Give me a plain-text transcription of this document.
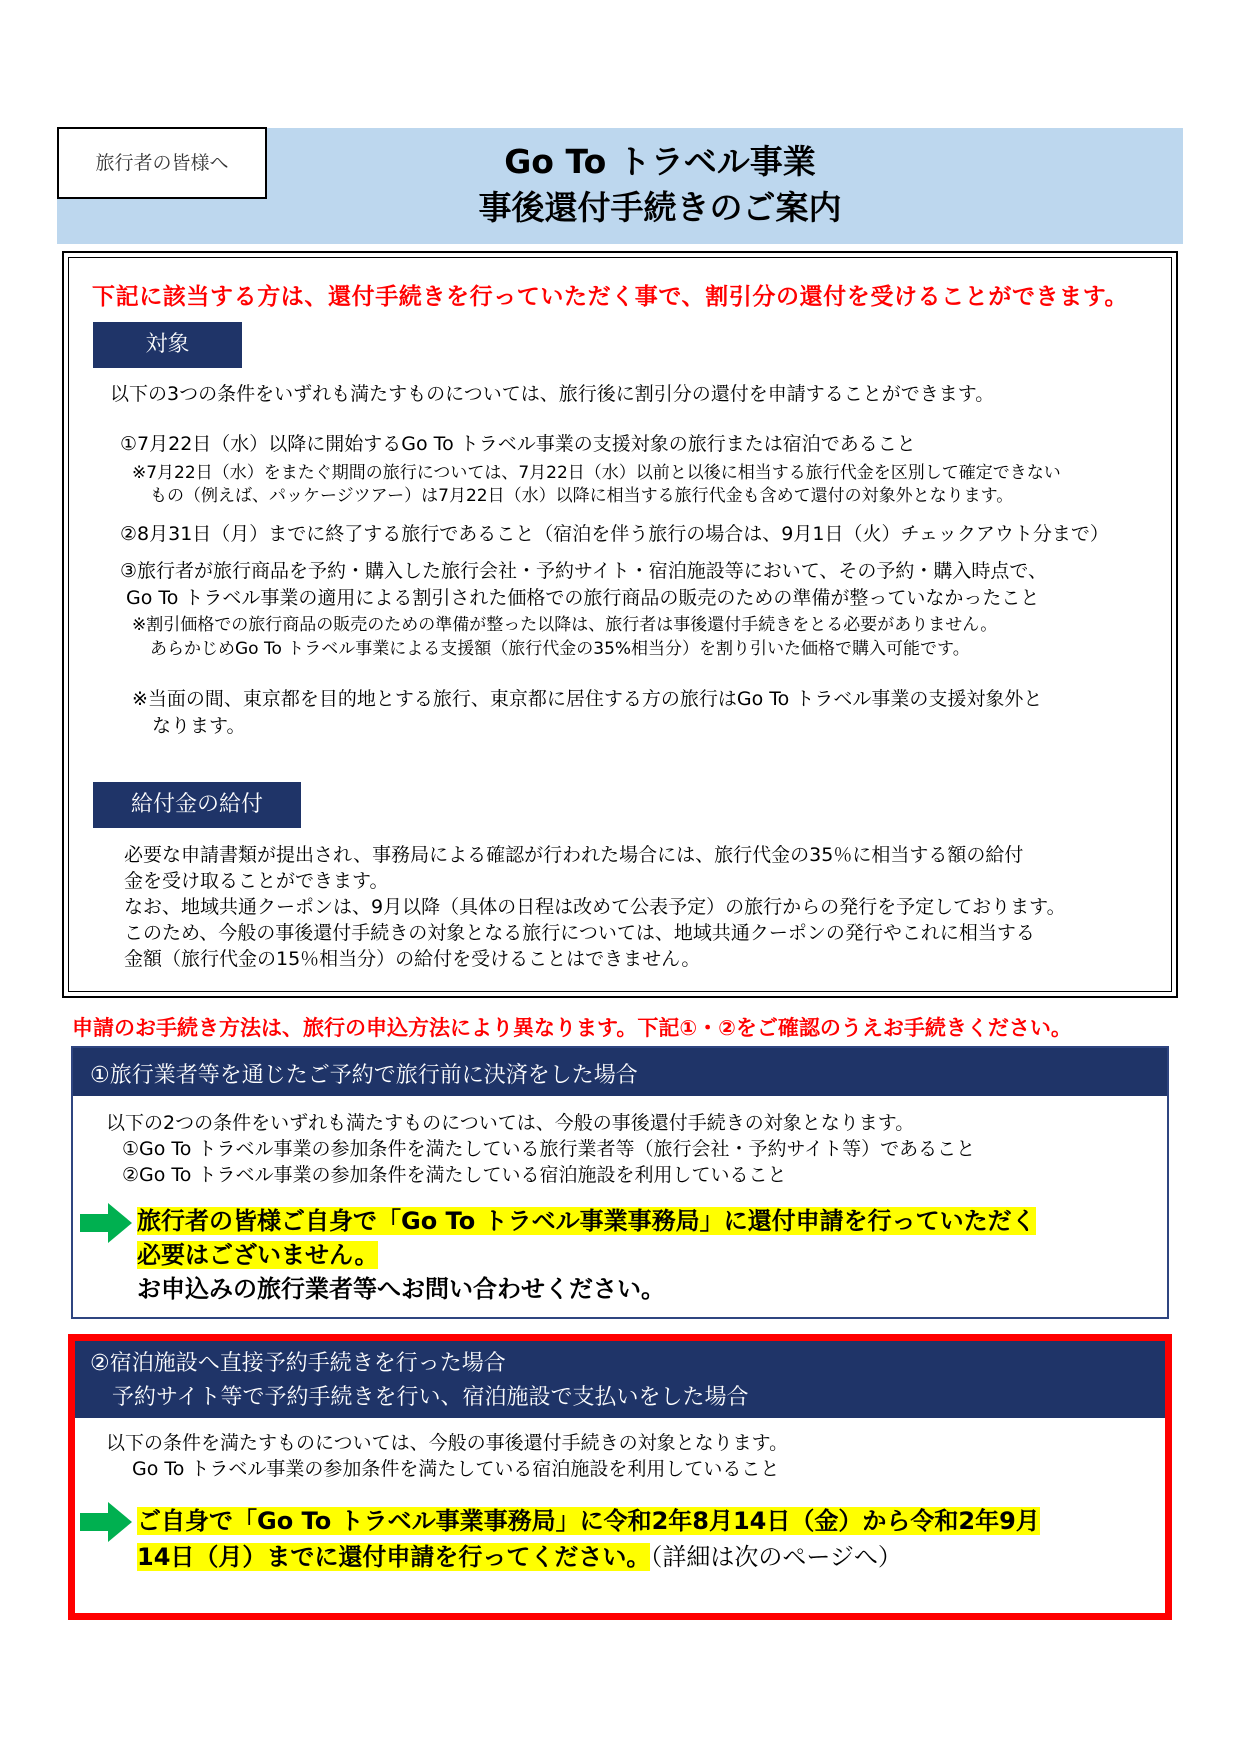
旅行者の皆様へ	Go To トラベル事業
事後還付手続きのご案内
下記に該当する方は、還付手続きを行っていただく事で、割引分の還付を受けることができます。
対象
以下の3つの条件をいずれも満たすものについては、旅行後に割引分の還付を申請することができます。
①7月22日（水）以降に開始するGo To トラベル事業の支援対象の旅行または宿泊であること
※7月22日（水）をまたぐ期間の旅行については、7月22日（水）以前と以後に相当する旅行代金を区別して確定できない
もの（例えば、パッケージツアー）は7月22日（水）以降に相当する旅行代金も含めて還付の対象外となります。
②8月31日（月）までに終了する旅行であること（宿泊を伴う旅行の場合は、9月1日（火）チェックアウト分まで）
③旅行者が旅行商品を予約・購入した旅行会社・予約サイト・宿泊施設等において、その予約・購入時点で、
Go To トラベル事業の適用による割引された価格での旅行商品の販売のための準備が整っていなかったこと
※割引価格での旅行商品の販売のための準備が整った以降は、旅行者は事後還付手続きをとる必要がありません。
あらかじめGo To トラベル事業による支援額（旅行代金の35%相当分）を割り引いた価格で購入可能です。
※当面の間、東京都を目的地とする旅行、東京都に居住する方の旅行はGo To トラベル事業の支援対象外と
なります。
給付金の給付
必要な申請書類が提出され、事務局による確認が行われた場合には、旅行代金の35％に相当する額の給付
金を受け取ることができます。
なお、地域共通クーポンは、9月以降（具体の日程は改めて公表予定）の旅行からの発行を予定しております。
このため、今般の事後還付手続きの対象となる旅行については、地域共通クーポンの発行やこれに相当する
金額（旅行代金の15％相当分）の給付を受けることはできません。
申請のお手続き方法は、旅行の申込方法により異なります。下記①・②をご確認のうえお手続きください。
①旅行業者等を通じたご予約で旅行前に決済をした場合
以下の2つの条件をいずれも満たすものについては、今般の事後還付手続きの対象となります。
①Go To トラベル事業の参加条件を満たしている旅行業者等（旅行会社・予約サイト等）であること
②Go To トラベル事業の参加条件を満たしている宿泊施設を利用していること
旅行者の皆様ご自身で「Go To トラベル事業事務局」に還付申請を行っていただく
必要はございません。
お申込みの旅行業者等へお問い合わせください。
②宿泊施設へ直接予約手続きを行った場合
予約サイト等で予約手続きを行い、宿泊施設で支払いをした場合
以下の条件を満たすものについては、今般の事後還付手続きの対象となります。
Go To トラベル事業の参加条件を満たしている宿泊施設を利用していること
ご自身で「Go To トラベル事業事務局」に令和2年8月14日（金）から令和2年9月
14日（月）までに還付申請を行ってください。（詳細は次のページへ）
